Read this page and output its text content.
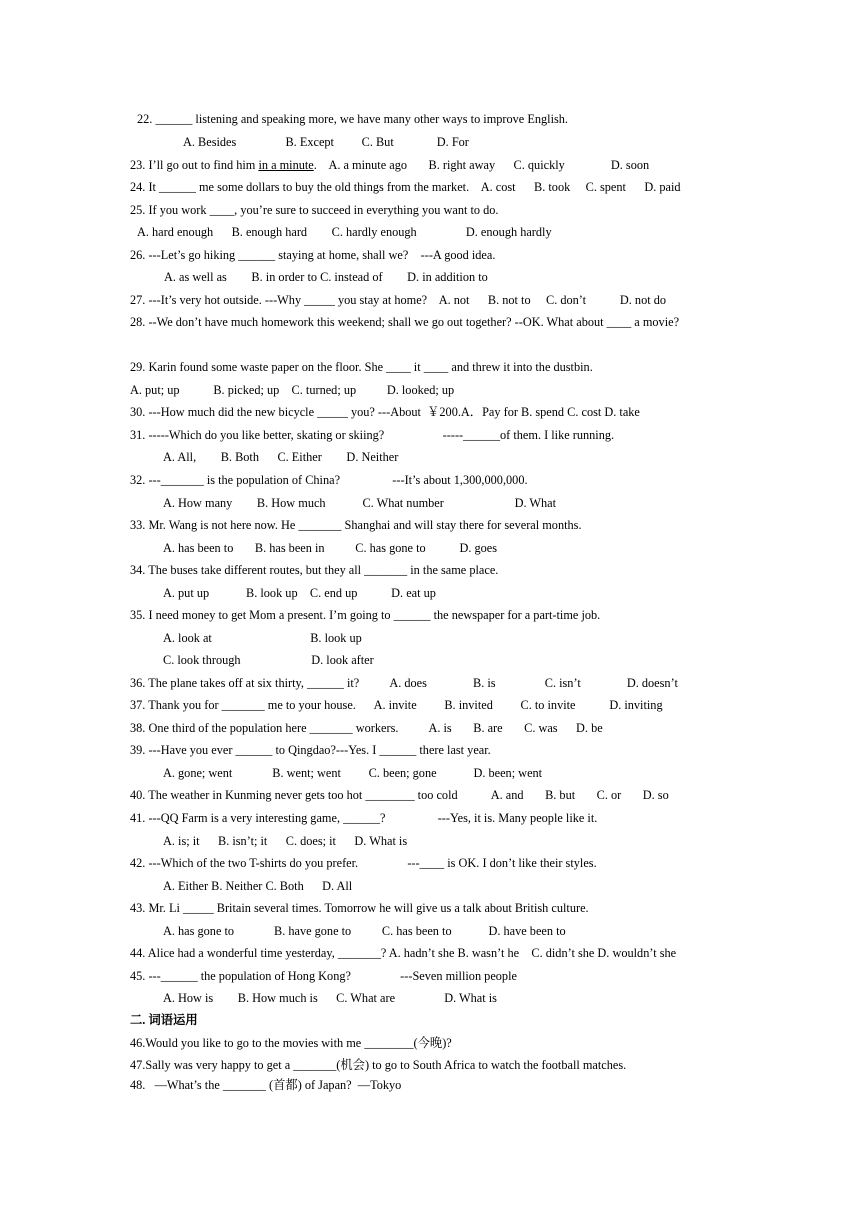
22. ______ listening and speaking more, we have many other ways to improve English.
A. Besides                B. Except         C. But              D. For
23. I’ll go out to find him in a minute.    A. a minute ago       B. right away      C. quickly               D. soon
24. It ______ me some dollars to buy the old things from the market.    A. cost      B. took     C. spent      D. paid
25. If you work ____, you’re sure to succeed in everything you want to do.
A. hard enough      B. enough hard        C. hardly enough                D. enough hardly
26. ---Let’s go hiking ______ staying at home, shall we?    ---A good idea.
A. as well as        B. in order to C. instead of        D. in addition to
27. ---It’s very hot outside. ---Why _____ you stay at home?    A. not      B. not to     C. don’t           D. not do
28. --We don’t have much homework this weekend; shall we go out together? --OK. What about ____ a movie?
29. Karin found some waste paper on the floor. She ____ it ____ and threw it into the dustbin.
A. put; up           B. picked; up    C. turned; up          D. looked; up
30. ---How much did the new bicycle _____ you? ---About  ￥200.A．Pay for B. spend C. cost D. take
31. -----Which do you like better, skating or skiing?                   -----______of them. I like running.
A. All,        B. Both      C. Either        D. Neither
32. ---_______ is the population of China?                 ---It’s about 1,300,000,000.
A. How many        B. How much            C. What number                       D. What
33. Mr. Wang is not here now. He _______ Shanghai and will stay there for several months.
A. has been to       B. has been in          C. has gone to           D. goes
34. The buses take different routes, but they all _______ in the same place.
A. put up            B. look up    C. end up           D. eat up
35. I need money to get Mom a present. I’m going to ______ the newspaper for a part-time job.
A. look at                                B. look up
C. look through                       D. look after
36. The plane takes off at six thirty, ______ it?          A. does               B. is                C. isn’t               D. doesn’t
37. Thank you for _______ me to your house.      A. invite         B. invited         C. to invite           D. inviting
38. One third of the population here _______ workers.          A. is       B. are       C. was      D. be
39. ---Have you ever ______ to Qingdao?---Yes. I ______ there last year.
A. gone; went             B. went; went         C. been; gone            D. been; went
40. The weather in Kunming never gets too hot ________ too cold           A. and       B. but       C. or       D. so
41. ---QQ Farm is a very interesting game, ______?                 ---Yes, it is. Many people like it.
A. is; it      B. isn’t; it      C. does; it      D. What is
42. ---Which of the two T-shirts do you prefer.                ---____ is OK. I don’t like their styles.
A. Either B. Neither C. Both      D. All
43. Mr. Li _____ Britain several times. Tomorrow he will give us a talk about British culture.
A. has gone to             B. have gone to          C. has been to            D. have been to
44. Alice had a wonderful time yesterday, _______? A. hadn’t she B. wasn’t he    C. didn’t she D. wouldn’t she
45. ---______ the population of Hong Kong?                ---Seven million people
A. How is        B. How much is      C. What are                D. What is
二. 词语运用
46.Would you like to go to the movies with me ________(今晚)?
47.Sally was very happy to get a _______(机会) to go to South Africa to watch the football matches.
48.   —What’s the _______ (首都) of Japan?  —Tokyo
